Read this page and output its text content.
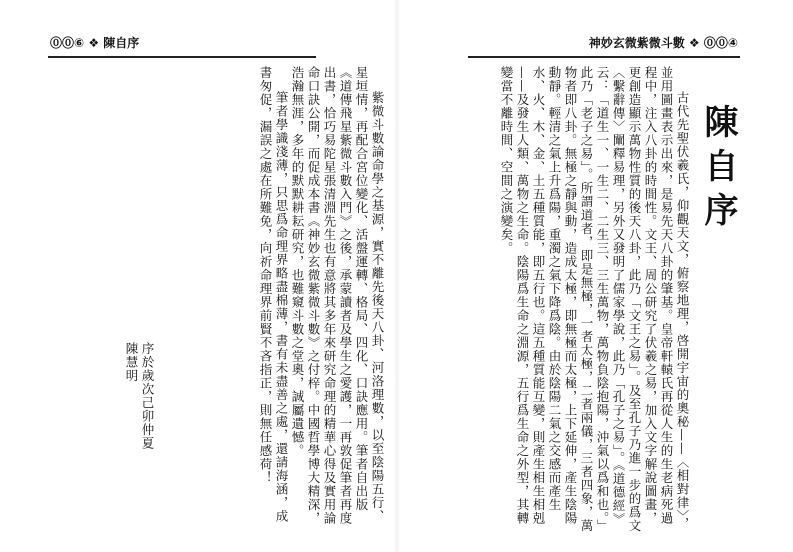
⓪⓪⑥ ❖ 陳自序	神妙玄微紫微斗數 ❖ ⓪⓪④
陳自序

古代先聖伏羲氏，仰觀天文，俯察地理，啓開宇宙的奧秘——〈相對律〉，並用圖畫表示出來，是易先天八卦的肇基。皇帝軒轅氏再從人生的生老病死過程中，注入八卦的時間性。文王、周公研究了伏羲之易，加入文字解說圖畫，更創造顯示萬物性質的後天八卦，此乃「文王之易」。及至孔子乃進一步的爲文〈繫辭傳〉闡釋易理，另外又發明了儒家學說，此乃「孔子之易」。《道德經》云：「道生一、一生二、二生三、三生萬物，萬物負陰抱陽，沖氣以爲和也。」此乃「老子之易」。所謂道者，即是無極，一者太極，二者兩儀，三者四象，萬物者即八卦。無極之靜與動，造成太極，即無極而太極，上下延伸，產生陰陽動靜。輕清之氣上升爲陽，重濁之氣下降爲陰。由於陰陽二氣之交感而產生水、火、木、金、土五種質能，即五行也。這五種質能互變，則產生相生相剋——及發生人類、萬物之生命。陰陽爲生命之淵源，五行爲生命之外型，其轉變當不離時間、空間之演變矣。

紫微斗數論命學之基源，實不離先後天八卦、河洛理數，以至陰陽五行、星垣情，再配合宮位變化、活盤運轉、格局、四化、口訣應用。筆者自出版《道傳飛星紫微斗數入門》之後，承蒙讀者及學生之愛護，一再敦促筆者再度出書，恰巧易陀星張清淵先生也有意將其多年來研究命理的精華心得及實用論命口訣公開，而促成本書《神妙玄微紫微斗數》之付梓。中國哲學博大精深，浩瀚無涯，多年的默默耕耘研究，也難窺斗數之堂奧，誠屬遺憾。

筆者學識淺薄，只思爲命理界略盡棉薄，書有未盡善之處，還請海涵，成書匆促，漏誤之處在所難免，向祈命理界前賢不吝指正，則無任感荷！

序於歲次己卯仲夏
陳慧明
